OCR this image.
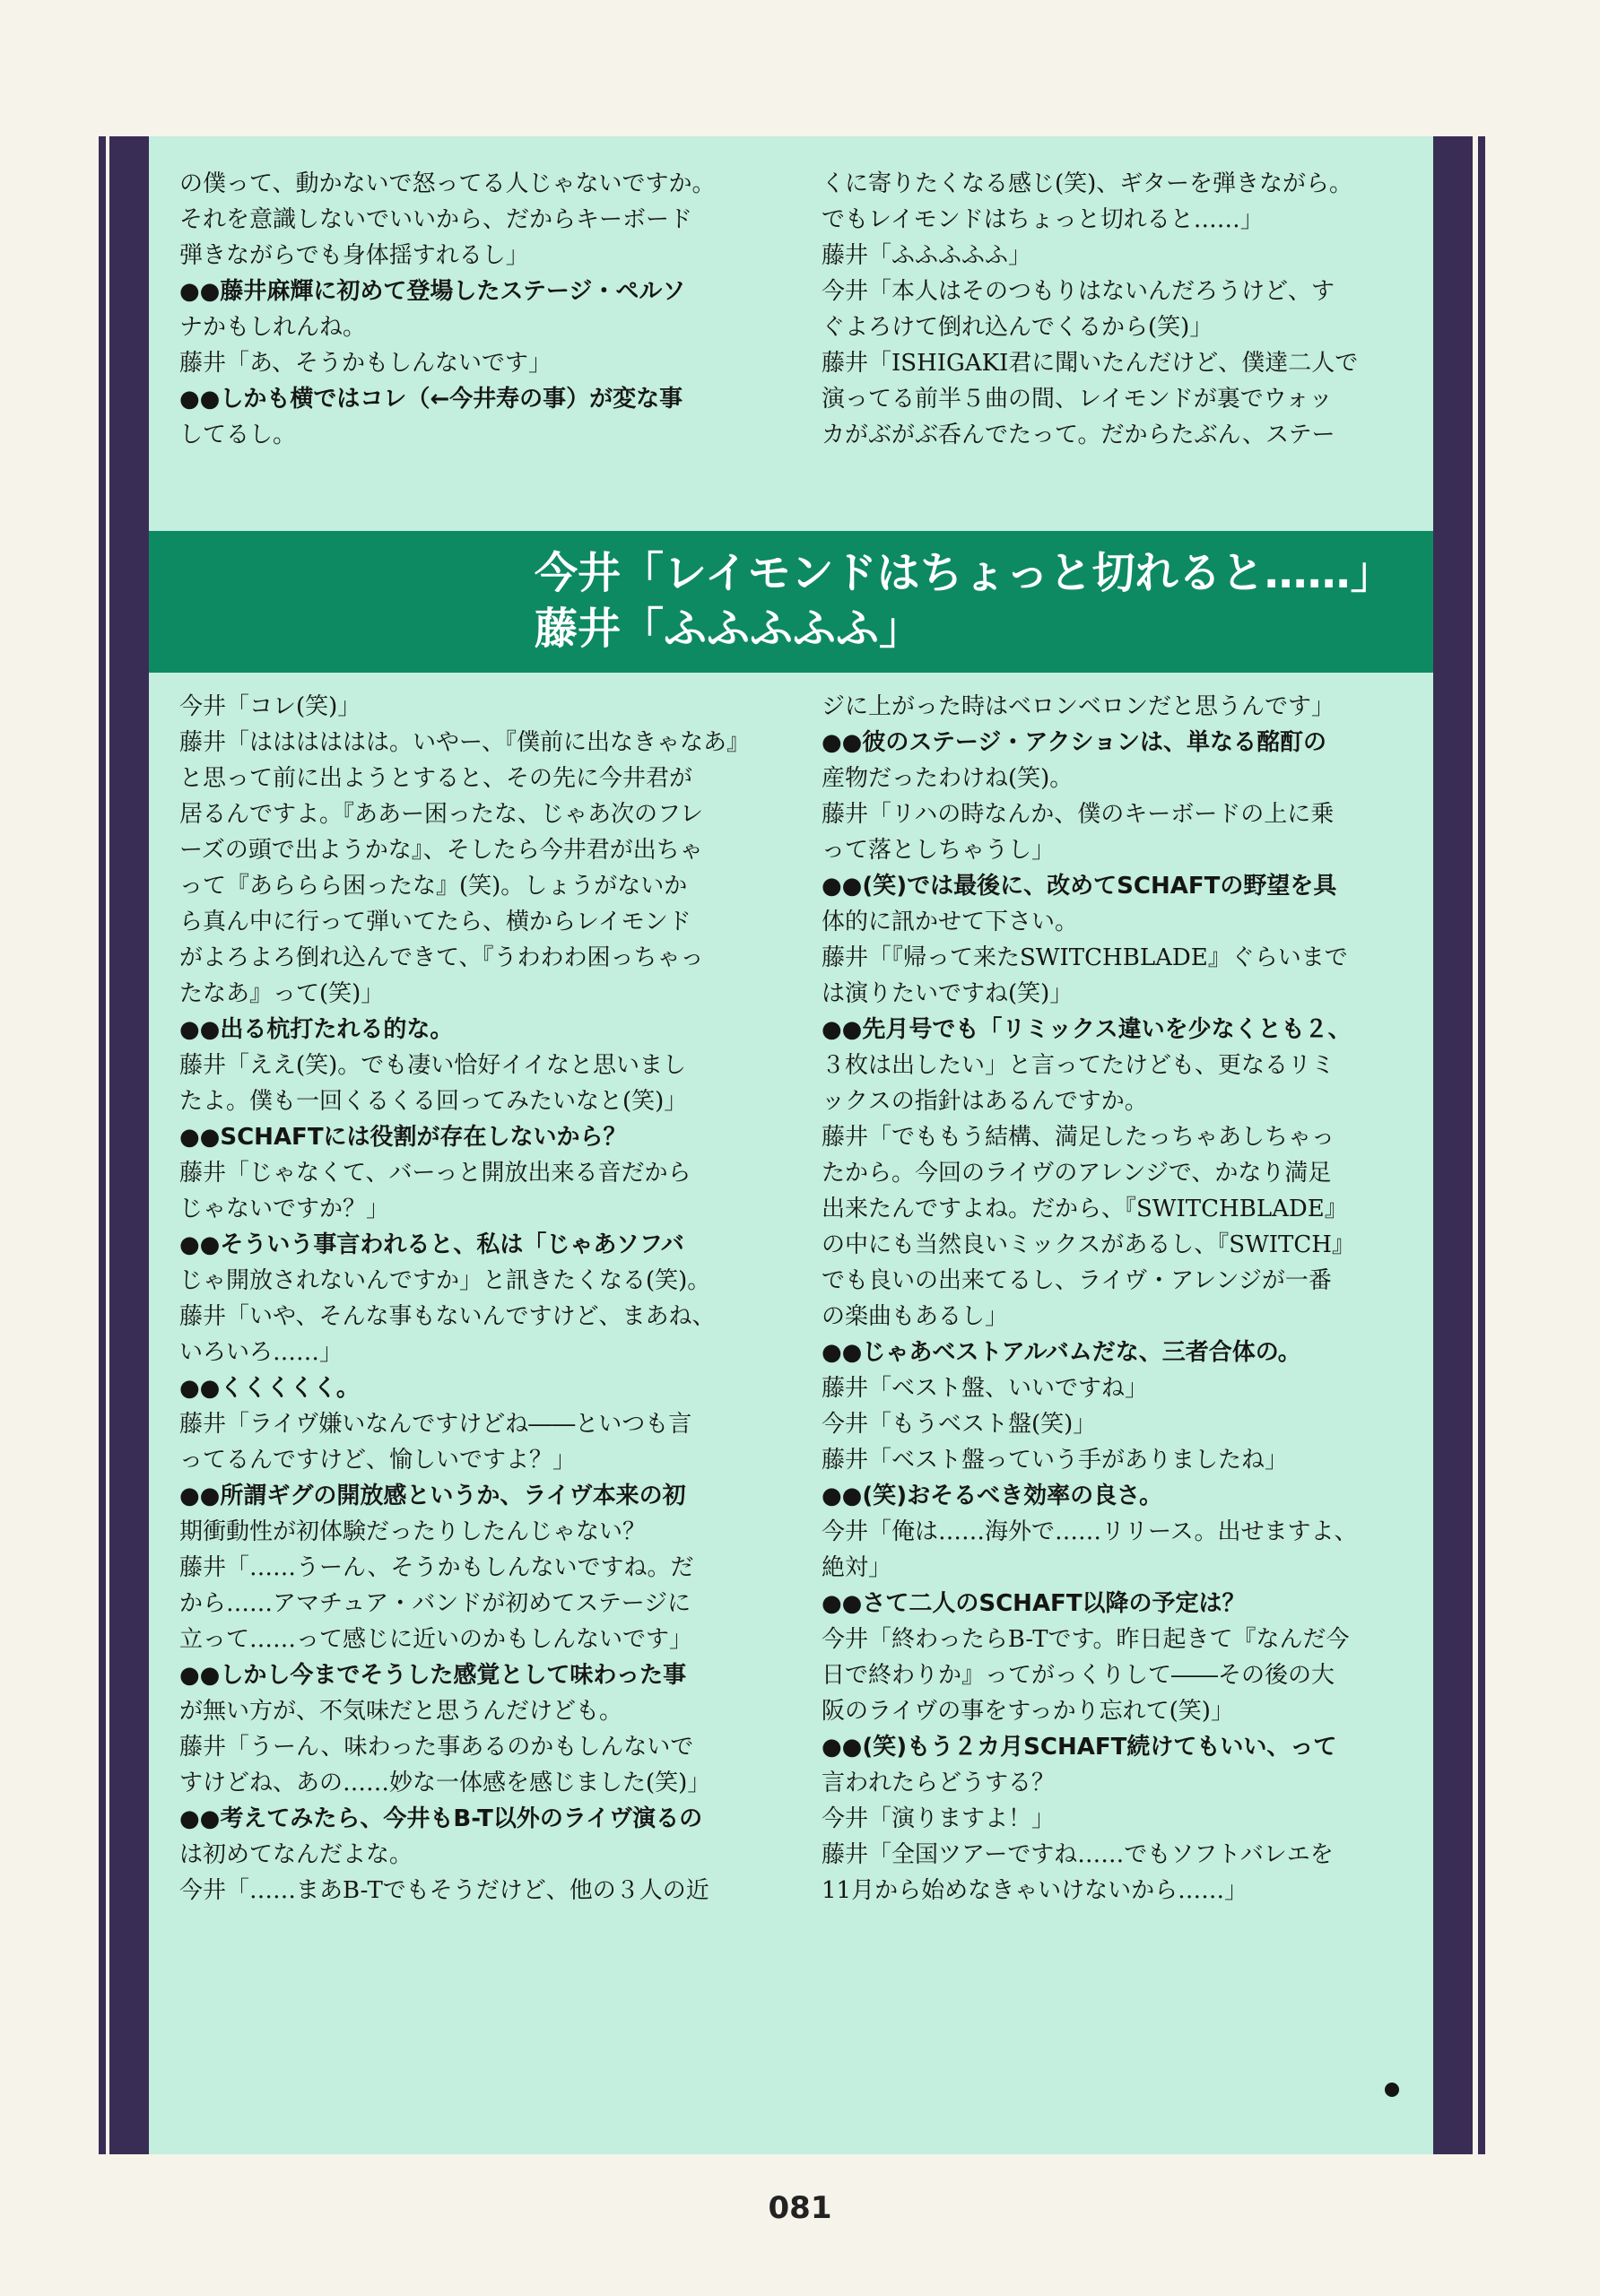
今井「レイモンドはちょっと切れると……」
藤井「ふふふふふ」

の僕って、動かないで怒ってる人じゃないですか。

それを意識しないでいいから、だからキーボード

弾きながらでも身体揺すれるし」

●●藤井麻輝に初めて登場したステージ・ペルソ

ナかもしれんね。

藤井「あ、そうかもしんないです」

●●しかも横ではコレ（←今井寿の事）が変な事

してるし。

くに寄りたくなる感じ(笑)、ギターを弾きながら。

でもレイモンドはちょっと切れると……」

藤井「ふふふふふ」

今井「本人はそのつもりはないんだろうけど、す

ぐよろけて倒れ込んでくるから(笑)」

藤井「ISHIGAKI君に聞いたんだけど、僕達二人で

演ってる前半５曲の間、レイモンドが裏でウォッ

カがぶがぶ呑んでたって。だからたぶん、ステー

今井「コレ(笑)」

藤井「はははははは。いやー、『僕前に出なきゃなあ』

と思って前に出ようとすると、その先に今井君が

居るんですよ。『ああー困ったな、じゃあ次のフレ

ーズの頭で出ようかな』、そしたら今井君が出ちゃ

って『あららら困ったな』(笑)。しょうがないか

ら真ん中に行って弾いてたら、横からレイモンド

がよろよろ倒れ込んできて、『うわわわ困っちゃっ

たなあ』って(笑)」

●●出る杭打たれる的な。

藤井「ええ(笑)。でも凄い恰好イイなと思いまし

たよ。僕も一回くるくる回ってみたいなと(笑)」

●●SCHAFTには役割が存在しないから？

藤井「じゃなくて、バーっと開放出来る音だから

じゃないですか？」

●●そういう事言われると、私は「じゃあソフバ

じゃ開放されないんですか」と訊きたくなる(笑)。

藤井「いや、そんな事もないんですけど、まあね、

いろいろ……」

●●くくくくく。

藤井「ライヴ嫌いなんですけどね――といつも言

ってるんですけど、愉しいですよ？」

●●所謂ギグの開放感というか、ライヴ本来の初

期衝動性が初体験だったりしたんじゃない？

藤井「……うーん、そうかもしんないですね。だ

から……アマチュア・バンドが初めてステージに

立って……って感じに近いのかもしんないです」

●●しかし今までそうした感覚として味わった事

が無い方が、不気味だと思うんだけども。

藤井「うーん、味わった事あるのかもしんないで

すけどね、あの……妙な一体感を感じました(笑)」

●●考えてみたら、今井もB-T以外のライヴ演るの

は初めてなんだよな。

今井「……まあB-Tでもそうだけど、他の３人の近

ジに上がった時はベロンベロンだと思うんです」

●●彼のステージ・アクションは、単なる酩酊の

産物だったわけね(笑)。

藤井「リハの時なんか、僕のキーボードの上に乗

って落としちゃうし」

●●(笑)では最後に、改めてSCHAFTの野望を具

体的に訊かせて下さい。

藤井「『帰って来たSWITCHBLADE』ぐらいまで

は演りたいですね(笑)」

●●先月号でも「リミックス違いを少なくとも２、

３枚は出したい」と言ってたけども、更なるリミ

ックスの指針はあるんですか。

藤井「でももう結構、満足したっちゃあしちゃっ

たから。今回のライヴのアレンジで、かなり満足

出来たんですよね。だから、『SWITCHBLADE』

の中にも当然良いミックスがあるし、『SWITCH』

でも良いの出来てるし、ライヴ・アレンジが一番

の楽曲もあるし」

●●じゃあベストアルバムだな、三者合体の。

藤井「ベスト盤、いいですね」

今井「もうベスト盤(笑)」

藤井「ベスト盤っていう手がありましたね」

●●(笑)おそるべき効率の良さ。

今井「俺は……海外で……リリース。出せますよ、

絶対」

●●さて二人のSCHAFT以降の予定は？

今井「終わったらB-Tです。昨日起きて『なんだ今

日で終わりか』ってがっくりして――その後の大

阪のライヴの事をすっかり忘れて(笑)」

●●(笑)もう２カ月SCHAFT続けてもいい、って

言われたらどうする？

今井「演りますよ！」

藤井「全国ツアーですね……でもソフトバレエを

11月から始めなきゃいけないから……」

081
